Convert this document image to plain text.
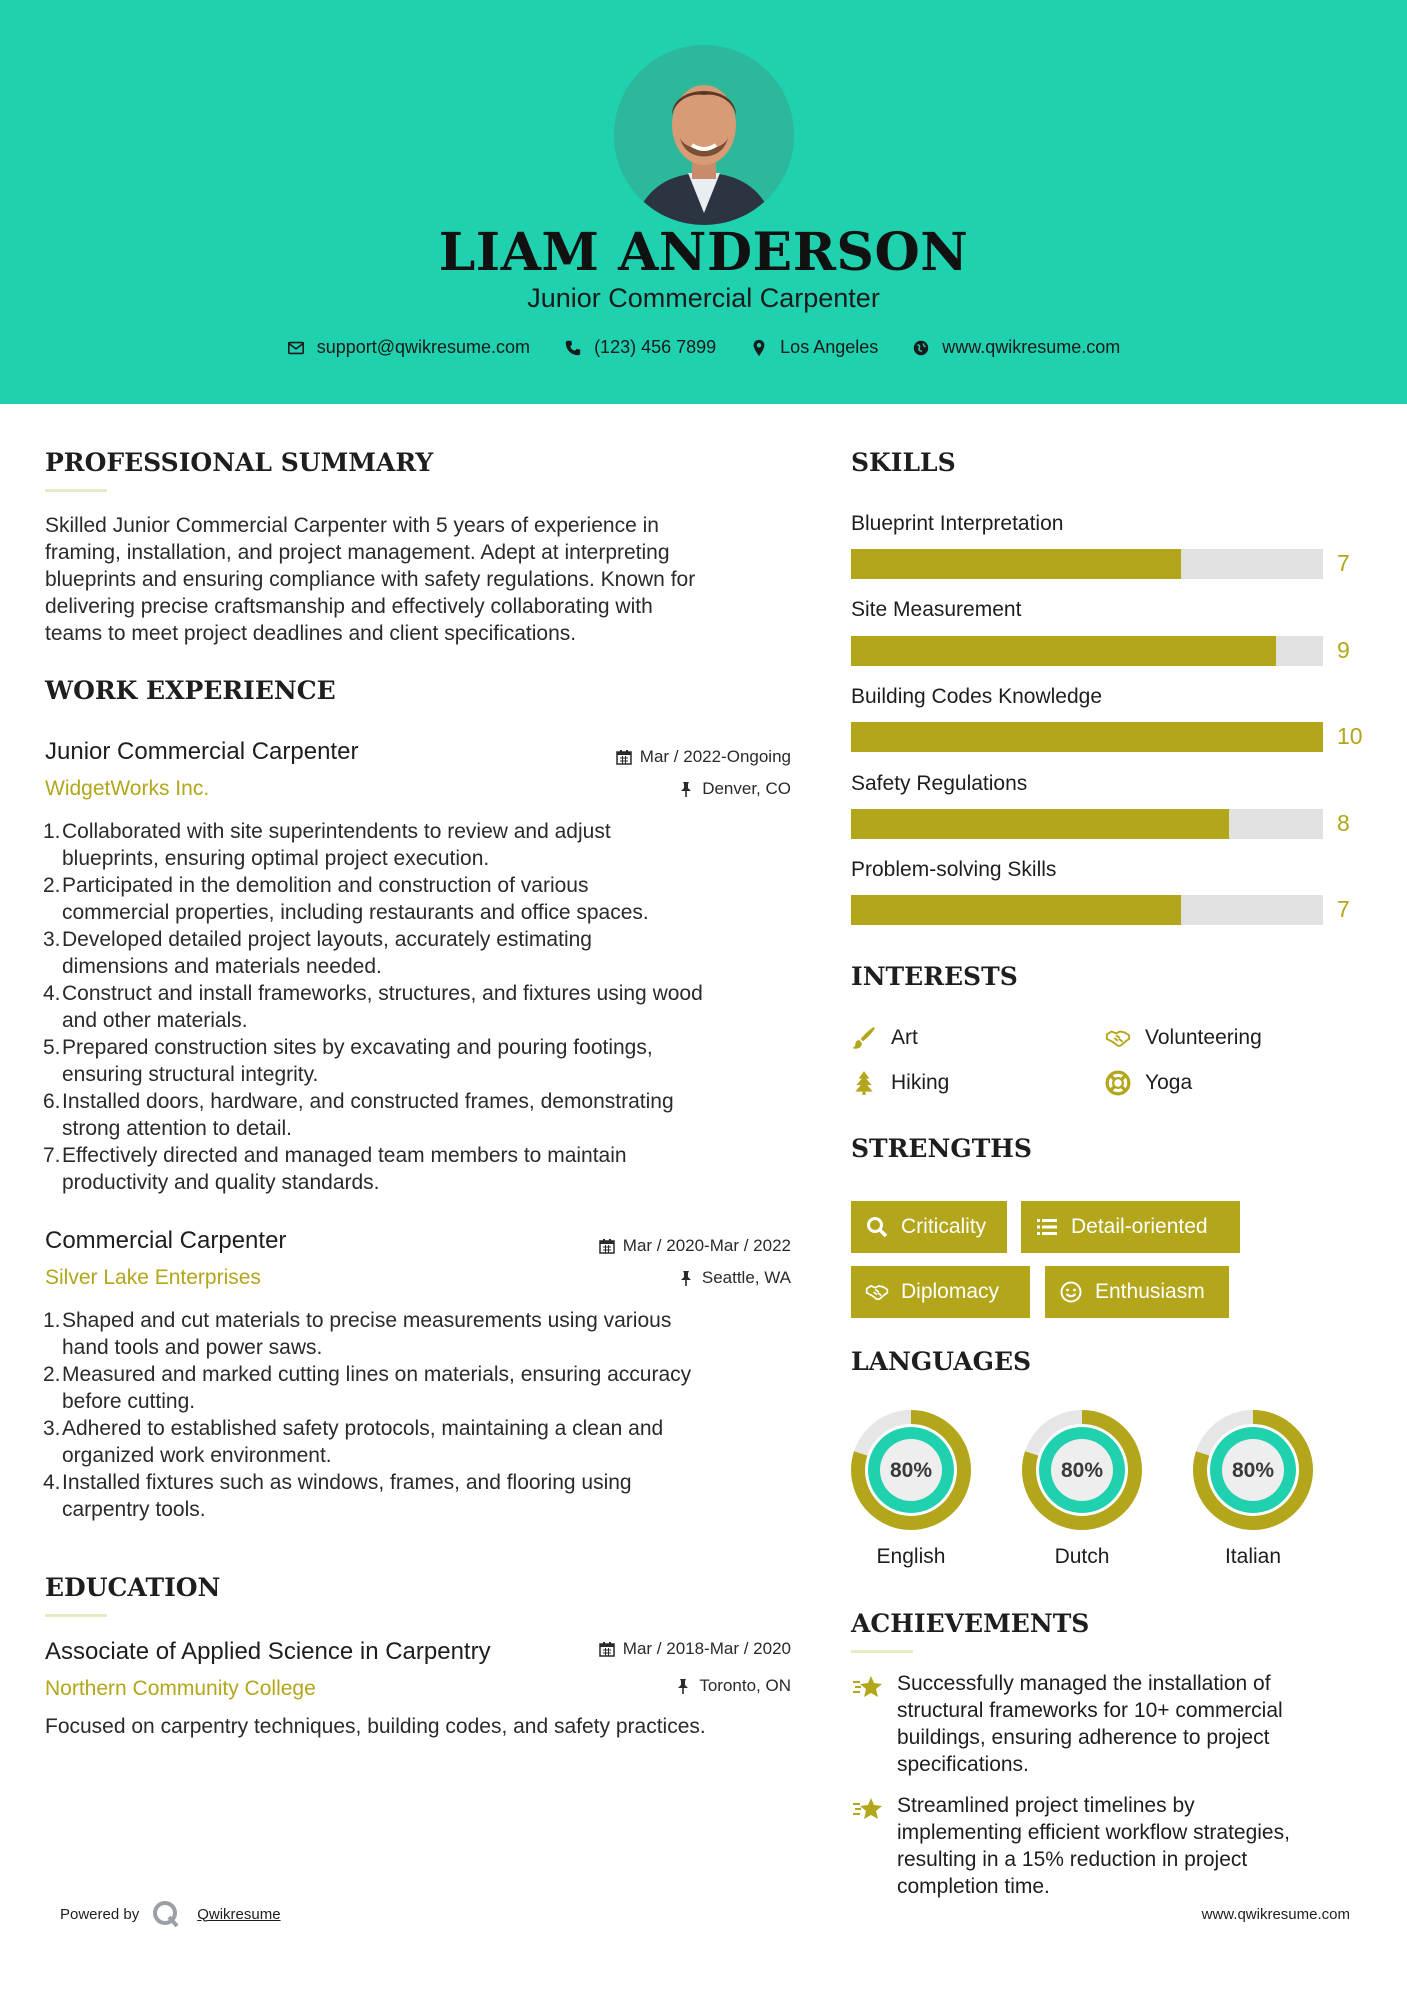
LIAM ANDERSON
Junior Commercial Carpenter
support@qwikresume.com	(123) 456 7899	Los Angeles	www.qwikresume.com
PROFESSIONAL SUMMARY
Skilled Junior Commercial Carpenter with 5 years of experience in
framing, installation, and project management. Adept at interpreting
blueprints and ensuring compliance with safety regulations. Known for
delivering precise craftsmanship and effectively collaborating with
teams to meet project deadlines and client specifications.
WORK EXPERIENCE
Junior Commercial Carpenter	Mar / 2022-Ongoing
WidgetWorks Inc.	Denver, CO
1. Collaborated with site superintendents to review and adjust
blueprints, ensuring optimal project execution.
2. Participated in the demolition and construction of various
commercial properties, including restaurants and office spaces.
3. Developed detailed project layouts, accurately estimating
dimensions and materials needed.
4. Construct and install frameworks, structures, and fixtures using wood
and other materials.
5. Prepared construction sites by excavating and pouring footings,
ensuring structural integrity.
6. Installed doors, hardware, and constructed frames, demonstrating
strong attention to detail.
7. Effectively directed and managed team members to maintain
productivity and quality standards.
Commercial Carpenter	Mar / 2020-Mar / 2022
Silver Lake Enterprises	Seattle, WA
1. Shaped and cut materials to precise measurements using various
hand tools and power saws.
2. Measured and marked cutting lines on materials, ensuring accuracy
before cutting.
3. Adhered to established safety protocols, maintaining a clean and
organized work environment.
4. Installed fixtures such as windows, frames, and flooring using
carpentry tools.
EDUCATION
Associate of Applied Science in Carpentry	Mar / 2018-Mar / 2020
Northern Community College	Toronto, ON
Focused on carpentry techniques, building codes, and safety practices.
SKILLS
Blueprint Interpretation
7
Site Measurement
9
Building Codes Knowledge
10
Safety Regulations
8
Problem-solving Skills
7
INTERESTS
Art	Volunteering
Hiking	Yoga
STRENGTHS
Criticality	Detail-oriented
Diplomacy	Enthusiasm
LANGUAGES
80%
English
80%
Dutch
80%
Italian
ACHIEVEMENTS
Successfully managed the installation of
structural frameworks for 10+ commercial
buildings, ensuring adherence to project
specifications.
Streamlined project timelines by
implementing efficient workflow strategies,
resulting in a 15% reduction in project
completion time.
Powered by	Qwikresume	www.qwikresume.com
